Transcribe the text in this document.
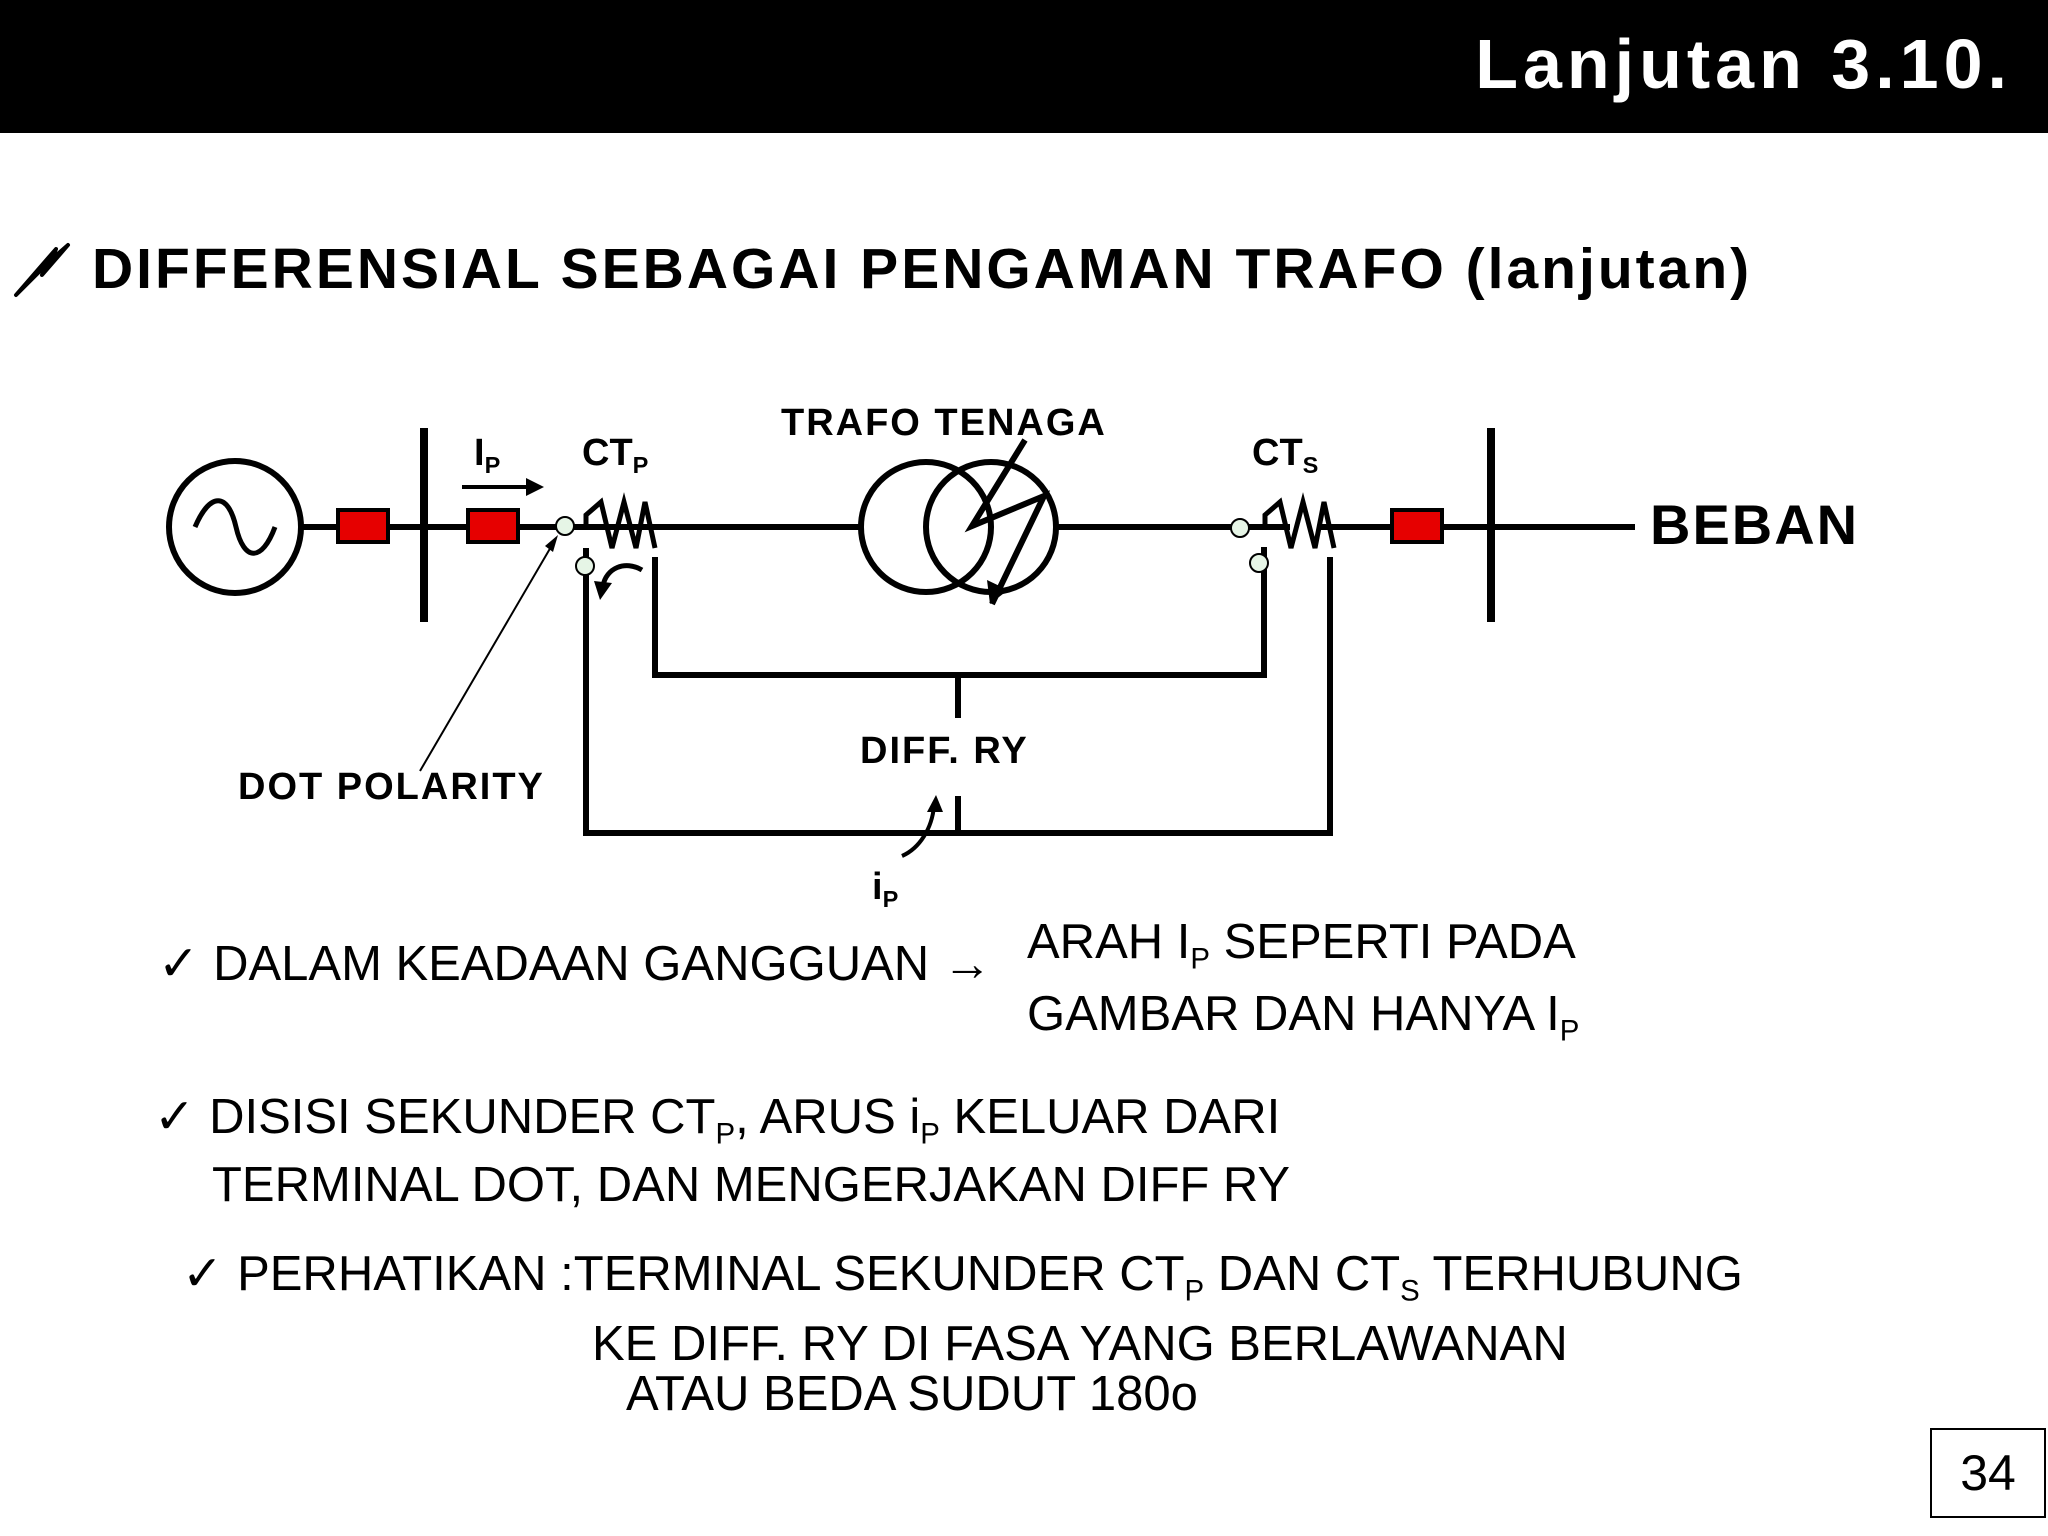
Lanjutan 3.10.
DIFFERENSIAL SEBAGAI PENGAMAN TRAFO (lanjutan)
$I_P$ $CT_P$
TRAFO TENAGA
$CT_S$
BEBAN
DIFF. RY
DOT POLARITY
$i_P$
✓ DALAM KEADAAN GANGGUAN → ARAH $I_P$ SEPERTI PADA
GAMBAR DAN HANYA $I_P$
✓ DISISI SEKUNDER $CT_P$, ARUS $i_P$ KELUAR DARI
TERMINAL DOT, DAN MENGERJAKAN DIFF RY
✓ PERHATIKAN :TERMINAL SEKUNDER $CT_P$ DAN $CT_S$ TERHUBUNG
KE DIFF. RY DI FASA YANG BERLAWANAN
ATAU BEDA SUDUT 180o
34
